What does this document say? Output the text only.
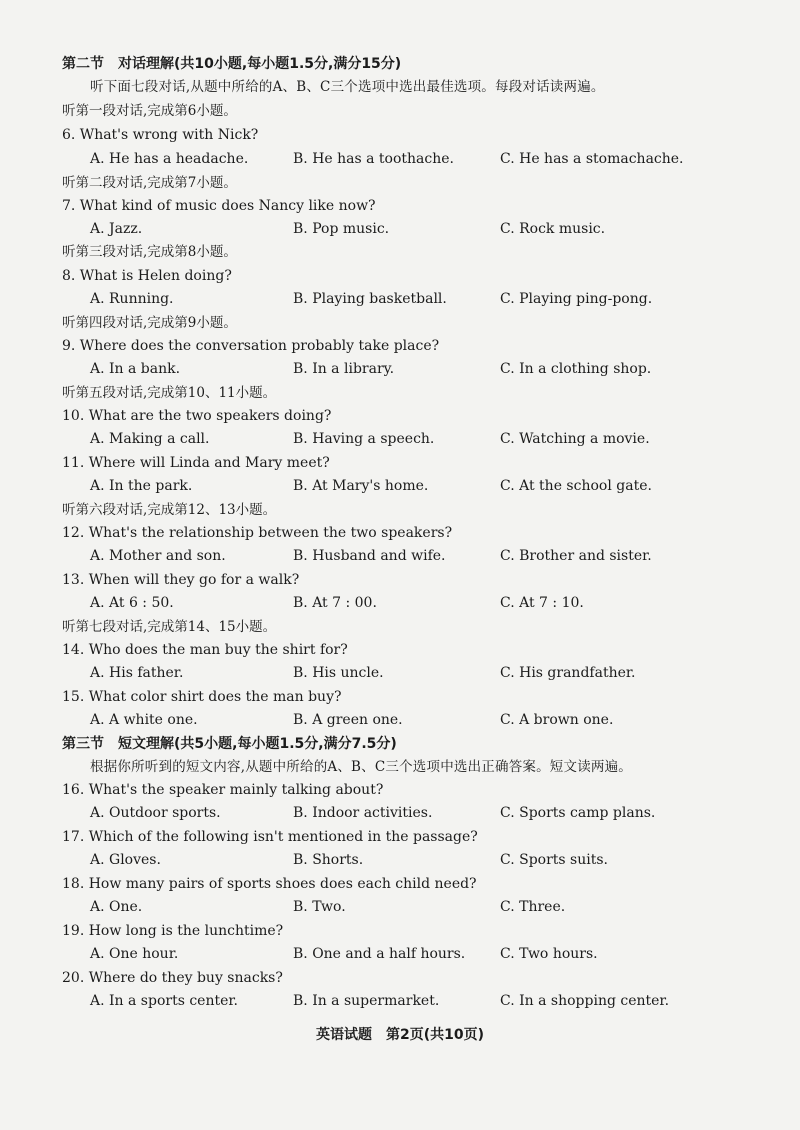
第二节　对话理解(共10小题,每小题1.5分,满分15分)
听下面七段对话,从题中所给的A、B、C三个选项中选出最佳选项。每段对话读两遍。
听第一段对话,完成第6小题。
6. What's wrong with Nick?
A. He has a headache.	B. He has a toothache.	C. He has a stomachache.
听第二段对话,完成第7小题。
7. What kind of music does Nancy like now?
A. Jazz.	B. Pop music.	C. Rock music.
听第三段对话,完成第8小题。
8. What is Helen doing?
A. Running.	B. Playing basketball.	C. Playing ping-pong.
听第四段对话,完成第9小题。
9. Where does the conversation probably take place?
A. In a bank.	B. In a library.	C. In a clothing shop.
听第五段对话,完成第10、11小题。
10. What are the two speakers doing?
A. Making a call.	B. Having a speech.	C. Watching a movie.
11. Where will Linda and Mary meet?
A. In the park.	B. At Mary's home.	C. At the school gate.
听第六段对话,完成第12、13小题。
12. What's the relationship between the two speakers?
A. Mother and son.	B. Husband and wife.	C. Brother and sister.
13. When will they go for a walk?
A. At 6 : 50.	B. At 7 : 00.	C. At 7 : 10.
听第七段对话,完成第14、15小题。
14. Who does the man buy the shirt for?
A. His father.	B. His uncle.	C. His grandfather.
15. What color shirt does the man buy?
A. A white one.	B. A green one.	C. A brown one.
第三节　短文理解(共5小题,每小题1.5分,满分7.5分)
根据你所听到的短文内容,从题中所给的A、B、C三个选项中选出正确答案。短文读两遍。
16. What's the speaker mainly talking about?
A. Outdoor sports.	B. Indoor activities.	C. Sports camp plans.
17. Which of the following isn't mentioned in the passage?
A. Gloves.	B. Shorts.	C. Sports suits.
18. How many pairs of sports shoes does each child need?
A. One.	B. Two.	C. Three.
19. How long is the lunchtime?
A. One hour.	B. One and a half hours. C. Two hours.
20. Where do they buy snacks?
A. In a sports center.	B. In a supermarket.	C. In a shopping center.
英语试题　第2页(共10页)
